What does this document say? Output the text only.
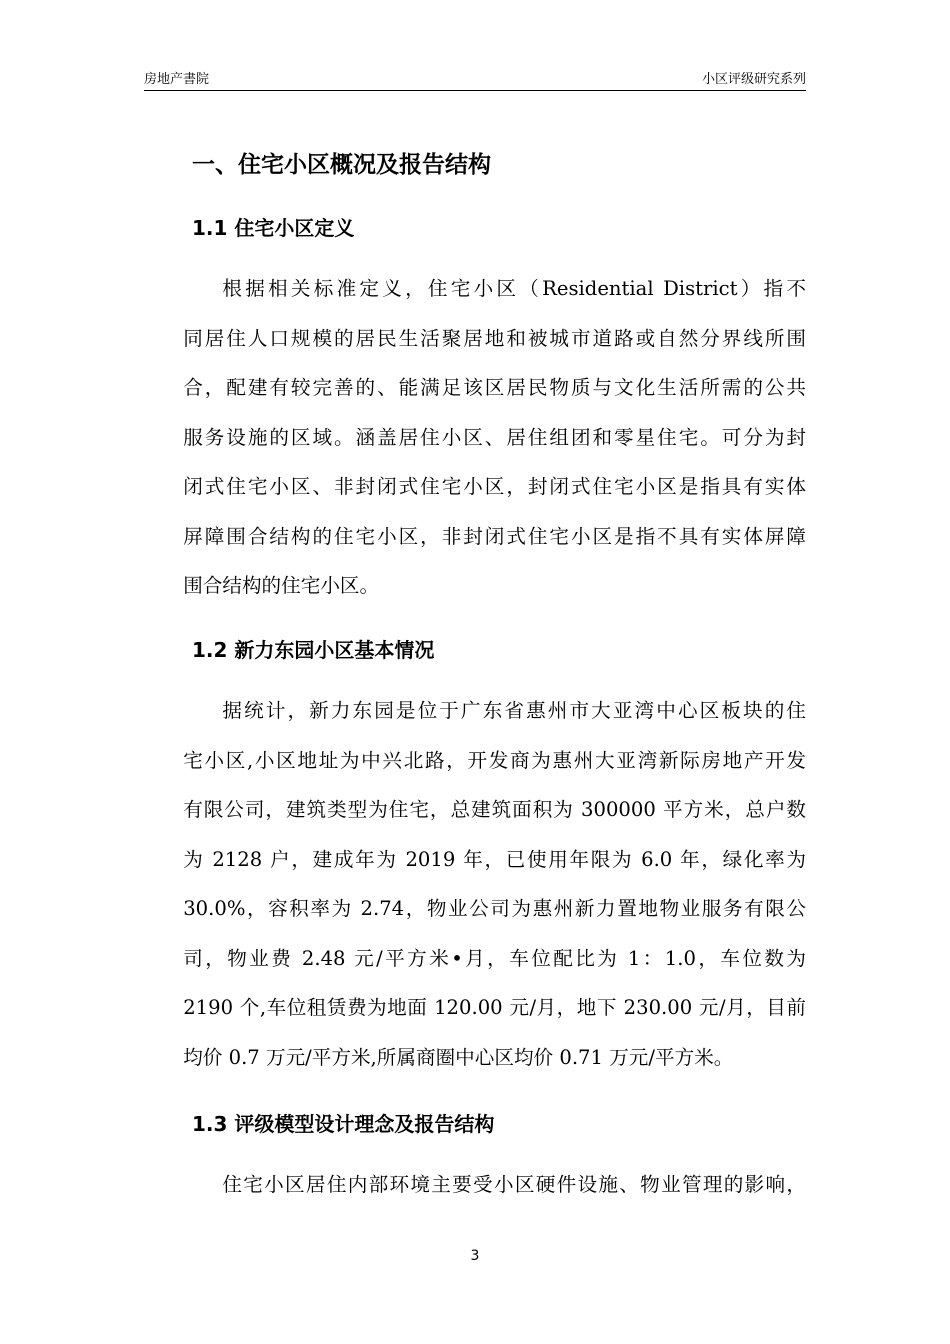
房地产書院	小区评级研究系列
一、住宅小区概况及报告结构
1.1 住宅小区定义
根据相关标准定义，住宅小区（Residential District）指不
同居住人口规模的居民生活聚居地和被城市道路或自然分界线所围
合，配建有较完善的、能满足该区居民物质与文化生活所需的公共
服务设施的区域。涵盖居住小区、居住组团和零星住宅。可分为封
闭式住宅小区、非封闭式住宅小区，封闭式住宅小区是指具有实体
屏障围合结构的住宅小区，非封闭式住宅小区是指不具有实体屏障
围合结构的住宅小区。
1.2 新力东园小区基本情况
据统计，新力东园是位于广东省惠州市大亚湾中心区板块的住
宅小区,小区地址为中兴北路，开发商为惠州大亚湾新际房地产开发
有限公司，建筑类型为住宅，总建筑面积为 300000 平方米，总户数
为 2128 户，建成年为 2019 年，已使用年限为 6.0 年，绿化率为
30.0%，容积率为 2.74，物业公司为惠州新力置地物业服务有限公
司，物业费 2.48 元/平方米•月，车位配比为 1：1.0，车位数为
2190 个,车位租赁费为地面 120.00 元/月，地下 230.00 元/月，目前
均价 0.7 万元/平方米,所属商圈中心区均价 0.71 万元/平方米。
1.3 评级模型设计理念及报告结构
住宅小区居住内部环境主要受小区硬件设施、物业管理的影响，
3
